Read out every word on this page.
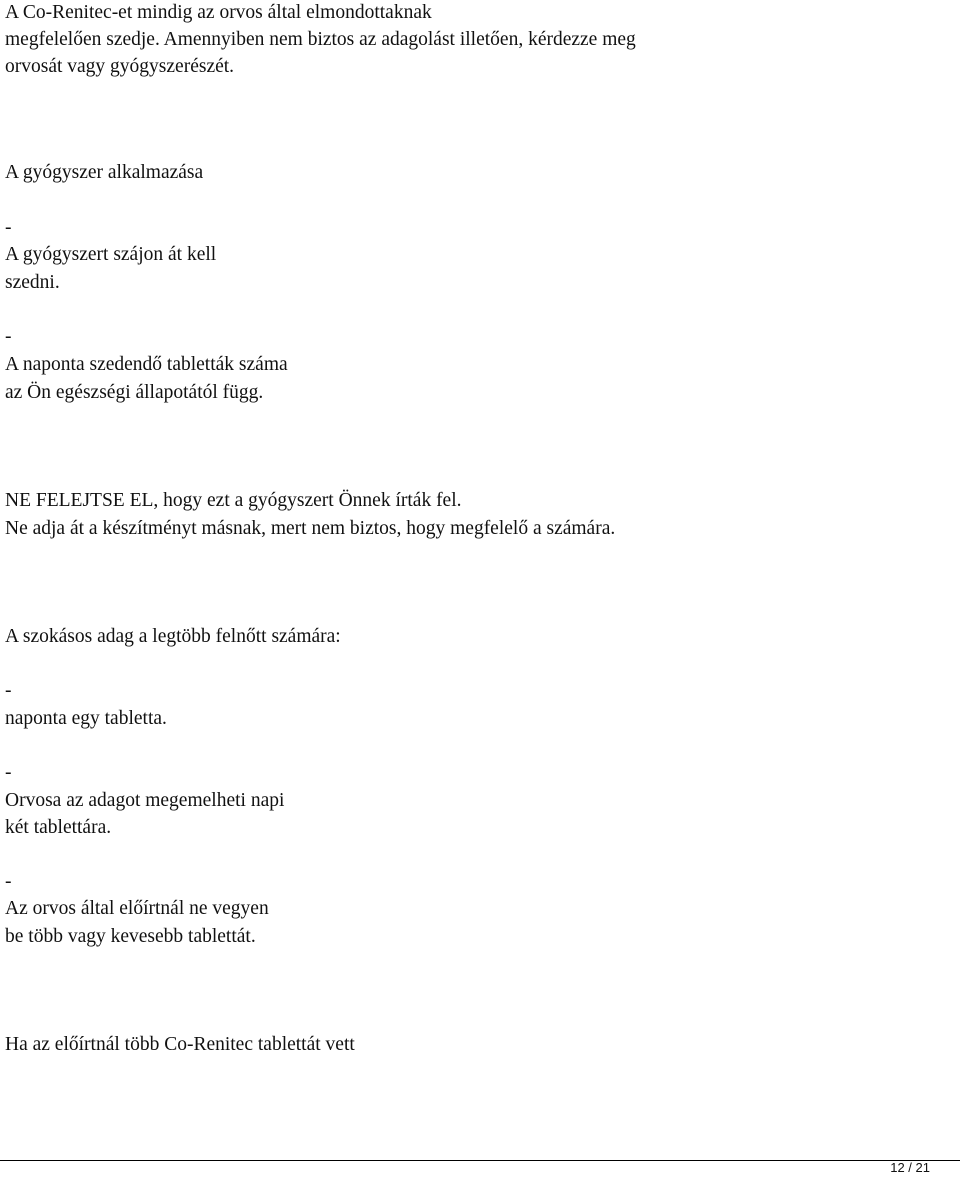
A Co-Renitec-et mindig az orvos által elmondottaknak
megfelelően szedje. Amennyiben nem biztos az adagolást illetően, kérdezze meg
orvosát vagy gyógyszerészét.
A gyógyszer alkalmazása
-
A gyógyszert szájon át kell
szedni.
-
A naponta szedendő tabletták száma
az Ön egészségi állapotától függ.
NE FELEJTSE EL, hogy ezt a gyógyszert Önnek írták fel.
Ne adja át a készítményt másnak, mert nem biztos, hogy megfelelő a számára.
A szokásos adag a legtöbb felnőtt számára:
-
naponta egy tabletta.
-
Orvosa az adagot megemelheti napi
két tablettára.
-
Az orvos által előírtnál ne vegyen
be több vagy kevesebb tablettát.
Ha az előírtnál több Co-Renitec tablettát vett
12 / 21
